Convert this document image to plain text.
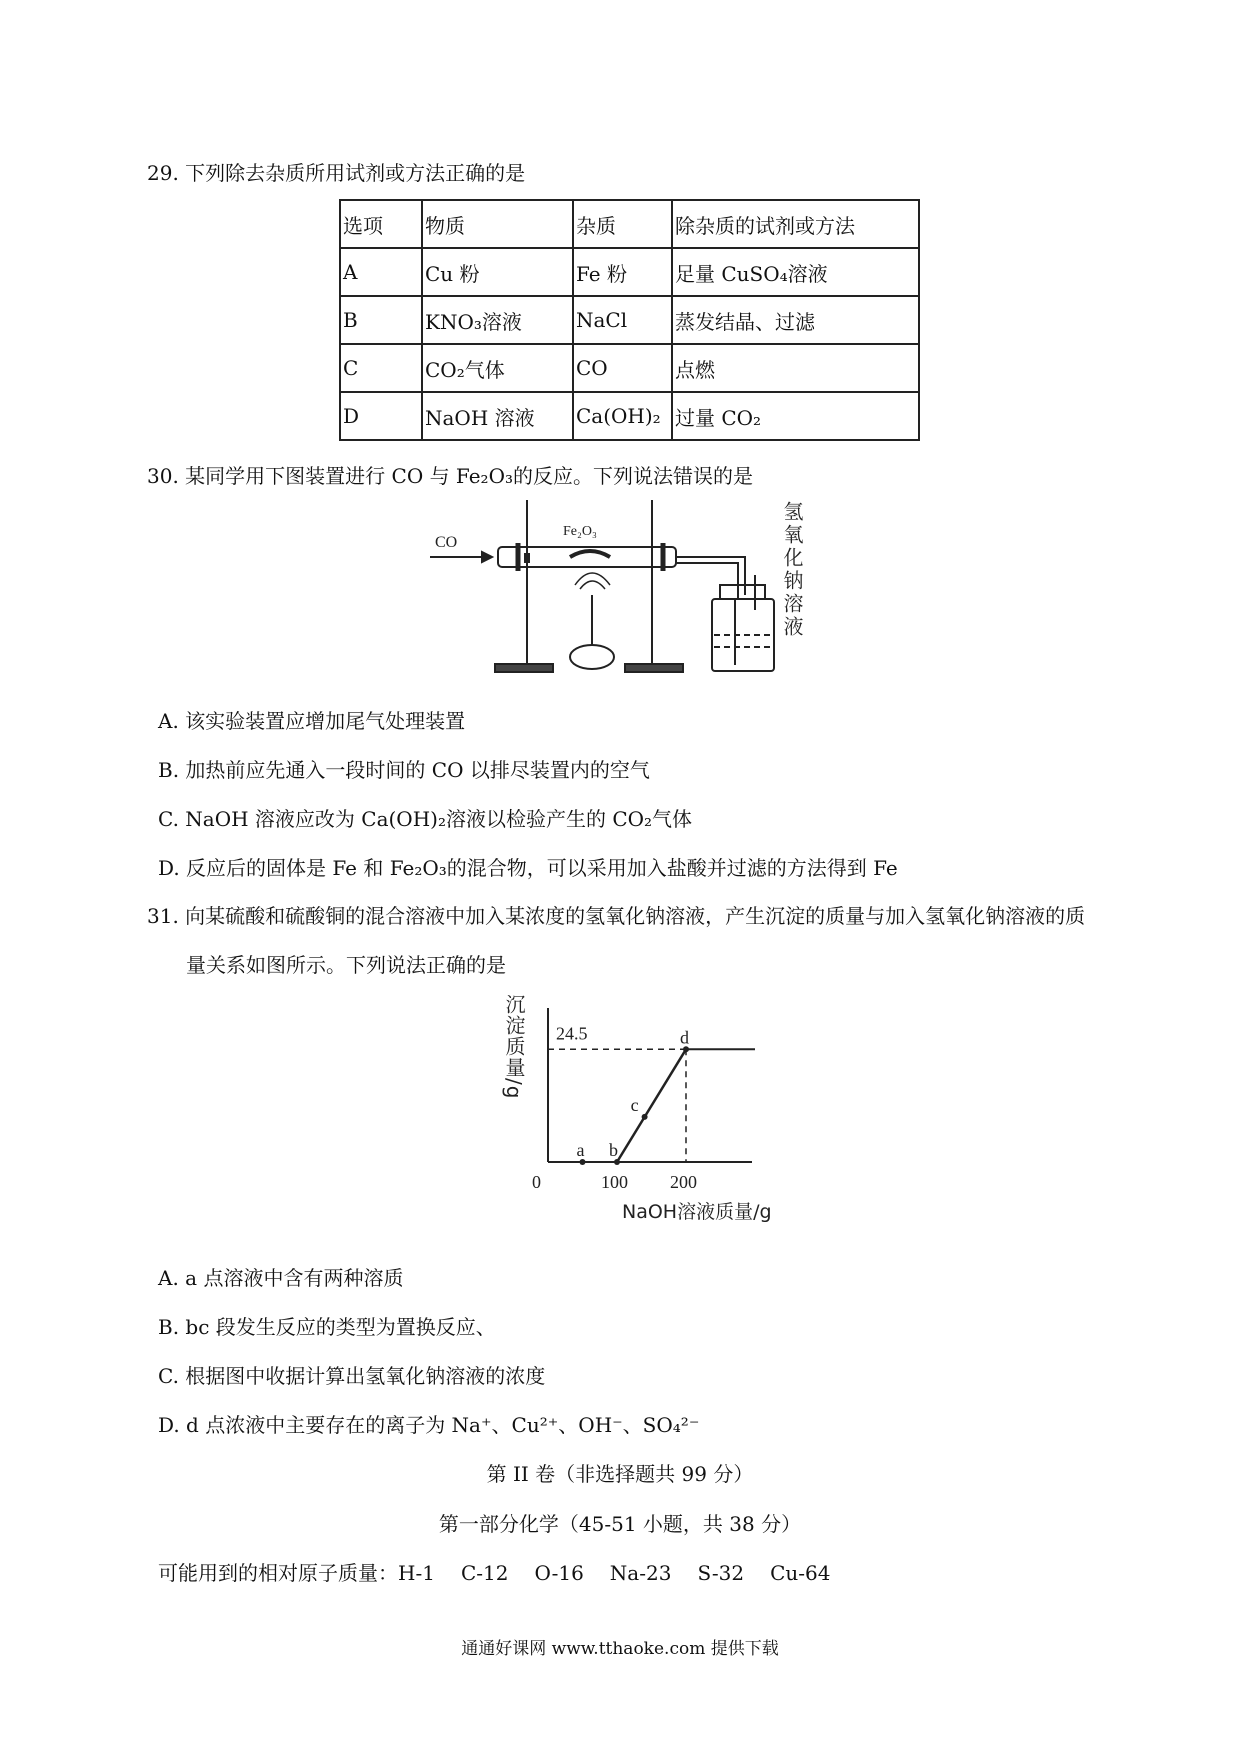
29. 下列除去杂质所用试剂或方法正确的是
选项	物质	杂质	除杂质的试剂或方法
A	Cu 粉	Fe 粉	足量 CuSO₄溶液
B	KNO₃溶液	NaCl	蒸发结晶、过滤
C	CO₂气体	CO	点燃
D	NaOH 溶液	Ca(OH)₂	过量 CO₂
30. 某同学用下图装置进行 CO 与 Fe₂O₃的反应。下列说法错误的是
CO
Fe₂O₃	氢氧化钠溶液
A. 该实验装置应增加尾气处理装置
B. 加热前应先通入一段时间的 CO 以排尽装置内的空气
C. NaOH 溶液应改为 Ca(OH)₂溶液以检验产生的 CO₂气体
D. 反应后的固体是 Fe 和 Fe₂O₃的混合物，可以采用加入盐酸并过滤的方法得到 Fe
31. 向某硫酸和硫酸铜的混合溶液中加入某浓度的氢氧化钠溶液，产生沉淀的质量与加入氢氧化钠溶液的质
量关系如图所示。下列说法正确的是
a b
c
d
沉淀质量/g 24.5
0	100 200
NaOH溶液质量/g
A. a 点溶液中含有两种溶质
B. bc 段发生反应的类型为置换反应、
C. 根据图中收据计算出氢氧化钠溶液的浓度
D. d 点浓液中主要存在的离子为 Na⁺、Cu²⁺、OH⁻、SO₄²⁻
第 II 卷（非选择题共 99 分）
第一部分化学（45-51 小题，共 38 分）
可能用到的相对原子质量：H-1 C-12 O-16 Na-23 S-32 Cu-64
通通好课网 www.tthaoke.com 提供下载
